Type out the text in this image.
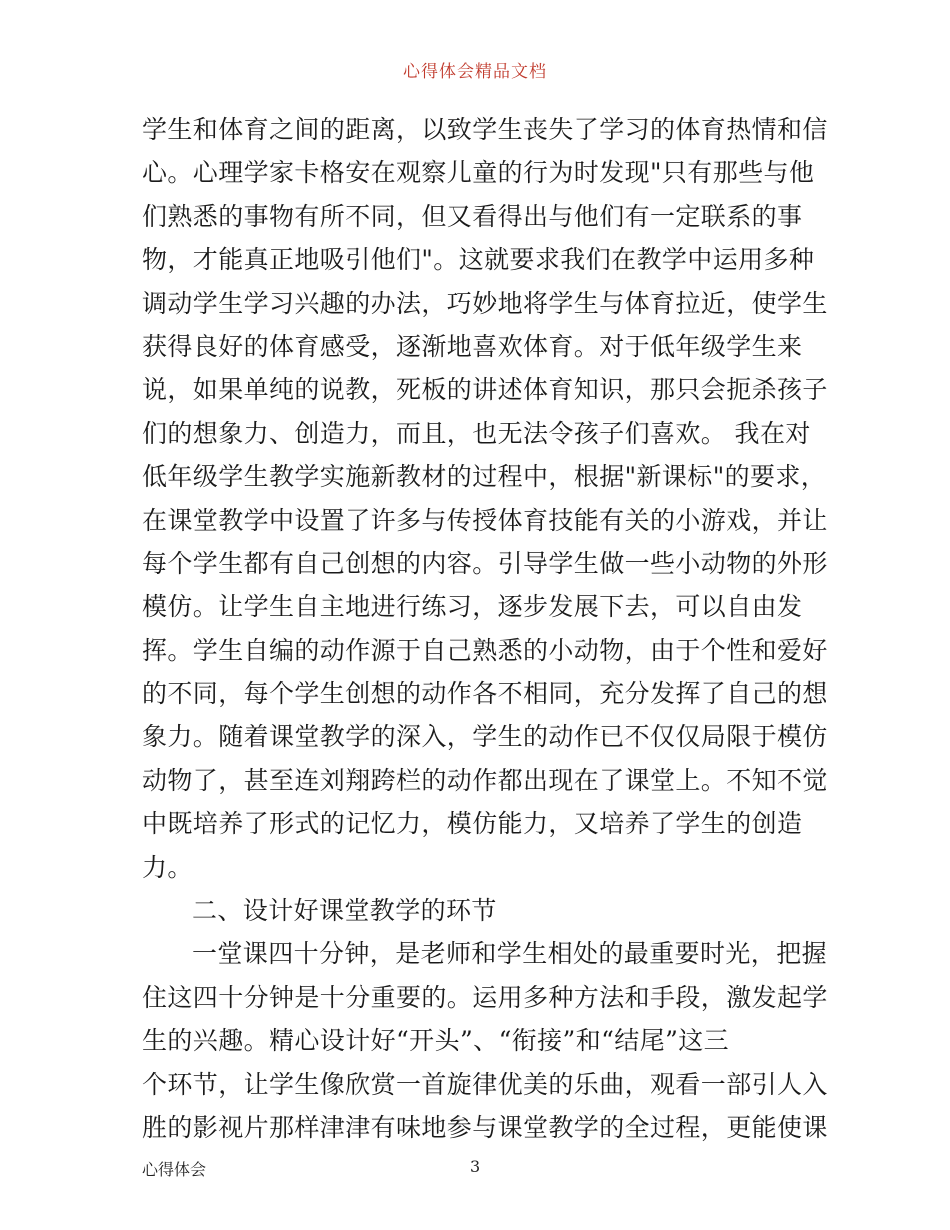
心得体会精品文档
学生和体育之间的距离，以致学生丧失了学习的体育热情和信
心。心理学家卡格安在观察儿童的行为时发现"只有那些与他
们熟悉的事物有所不同，但又看得出与他们有一定联系的事
物，才能真正地吸引他们"。这就要求我们在教学中运用多种
调动学生学习兴趣的办法，巧妙地将学生与体育拉近，使学生
获得良好的体育感受，逐渐地喜欢体育。对于低年级学生来
说，如果单纯的说教，死板的讲述体育知识，那只会扼杀孩子
们的想象力、创造力，而且，也无法令孩子们喜欢。 我在对
低年级学生教学实施新教材的过程中，根据"新课标"的要求，
在课堂教学中设置了许多与传授体育技能有关的小游戏，并让
每个学生都有自己创想的内容。引导学生做一些小动物的外形
模仿。让学生自主地进行练习，逐步发展下去，可以自由发
挥。学生自编的动作源于自己熟悉的小动物，由于个性和爱好
的不同，每个学生创想的动作各不相同，充分发挥了自己的想
象力。随着课堂教学的深入，学生的动作已不仅仅局限于模仿
动物了，甚至连刘翔跨栏的动作都出现在了课堂上。不知不觉
中既培养了形式的记忆力，模仿能力，又培养了学生的创造
力。
二、设计好课堂教学的环节
一堂课四十分钟，是老师和学生相处的最重要时光，把握
住这四十分钟是十分重要的。运用多种方法和手段，激发起学
生的兴趣。精心设计好“开头”、“衔接”和“结尾”这三
个环节，让学生像欣赏一首旋律优美的乐曲，观看一部引人入
胜的影视片那样津津有味地参与课堂教学的全过程，更能使课
心得体会	3
